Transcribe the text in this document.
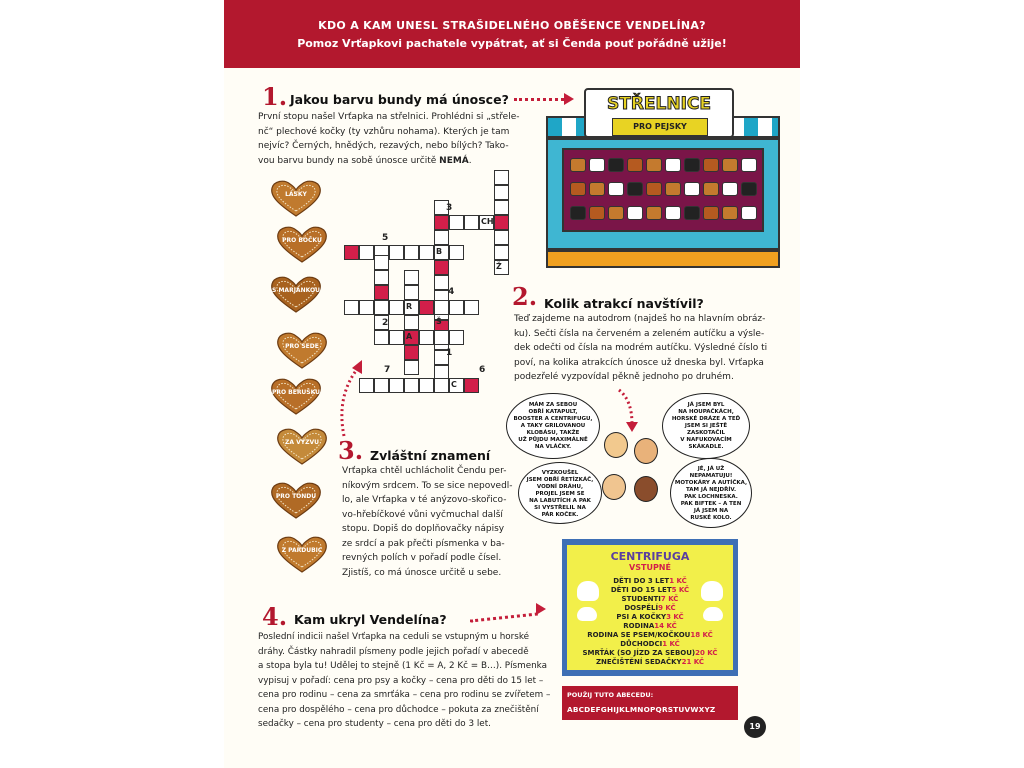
KDO A KAM UNESL STRAŠIDELNÉHO OBĚŠENCE VENDELÍNA?
Pomoz Vrťapkovi pachatele vypátrat, ať si Čenda pouť pořádně užije!
1. Jakou barvu bundy má únosce?
První stopu našel Vrťapka na střelnici. Prohlédni si „střele-
nč“ plechové kočky (ty vzhůru nohama). Kterých je tam
nejvíc? Černých, hnědých, rezavých, nebo bílých? Tako-
vou barvu bundy na sobě únosce určitě NEMÁ.
STŘELNICE
PRO PEJSKY
LÁSKY
PRO BOČKU
S MARJÁNKOU
PRO SEDE
PRO BERUŠKU
ZA VÝZVU
PRO TONDU
Z PARDUBIC
CH
Ž
B
R
Š
A
C
1
2
3
4
5
6
7
2. Kolik atrakcí navštívil?
Teď zajdeme na autodrom (najdeš ho na hlavním obráz-
ku). Sečti čísla na červeném a zeleném autíčku a výsle-
dek odečti od čísla na modrém autíčku. Výsledné číslo ti
poví, na kolika atrakcích únosce už dneska byl. Vrťapka
podezřelé vyzpovídal pěkně jednoho po druhém.
MÁM ZA SEBOU
OBŘÍ KATAPULT,
BOOSTER A CENTRIFUGU,
A TAKY GRILOVANOU
KLOBÁSU, TAKŽE
UŽ PŮJDU MAXIMÁLNĚ
NA VLÁČKY.
JÁ JSEM BYL
NA HOUPAČKÁCH,
HORSKÉ DRÁZE A TEĎ
JSEM SI JEŠTĚ
ZASKOTAČIL
V NAFUKOVACÍM
SKÁKADLE.
VYZKOUŠEL
JSEM OBŘÍ ŘETÍZKÁČ,
VODNÍ DRÁHU,
PROJEL JSEM SE
NA LABUTÍCH A PAK
SI VYSTŘELIL NA
PÁR KOČEK.
JÉ, JÁ UŽ
NEPAMATUJU!
MOTOKÁRY A AUTÍČKA,
TAM JÁ NEJDŘÍV.
PAK LOCHNESKA.
PAK BIFTEK – A TEN
JÁ JSEM NA
RUSKÉ KOLO.
3. Zvláštní znamení
Vrťapka chtěl uchlácholit Čendu per-
níkovým srdcem. To se sice nepovedl-
lo, ale Vrťapka v té anýzovo-skořico-
vo-hřebíčkové vůni vyčmuchal další
stopu. Dopiš do doplňovačky nápisy
ze srdcí a pak přečti písmenka v ba-
revných polích v pořadí podle čísel.
Zjistíš, co má únosce určitě u sebe.
4. Kam ukryl Vendelína?
Poslední indicii našel Vrťapka na ceduli se vstupným u horské
dráhy. Částky nahradil písmeny podle jejich pořadí v abecedě
a stopa byla tu! Udělej to stejně (1 Kč = A, 2 Kč = B…). Písmenka
vypisuj v pořadí: cena pro psy a kočky – cena pro děti do 15 let –
cena pro rodinu – cena za smrťáka – cena pro rodinu se zvířetem –
cena pro dospělého – cena pro důchodce – pokuta za znečištění
sedačky – cena pro studenty – cena pro děti do 3 let.
CENTRIFUGA
VSTUPNÉ
DĚTI DO 3 LET1 KČ
DĚTI DO 15 LET5 KČ
STUDENTI7 KČ
DOSPĚLÍ9 KČ
PSI A KOČKY3 KČ
RODINA14 KČ
RODINA SE PSEM/KOČKOU18 KČ
DŮCHODCI1 KČ
SMRŤÁK (SO JÍZD ZA SEBOU)20 KČ
ZNEČIŠTĚNÍ SEDAČKY21 KČ
POUŽIJ TUTO ABECEDU:
ABCDEFGHIJKLMNOPQRSTUVWXYZ
19
